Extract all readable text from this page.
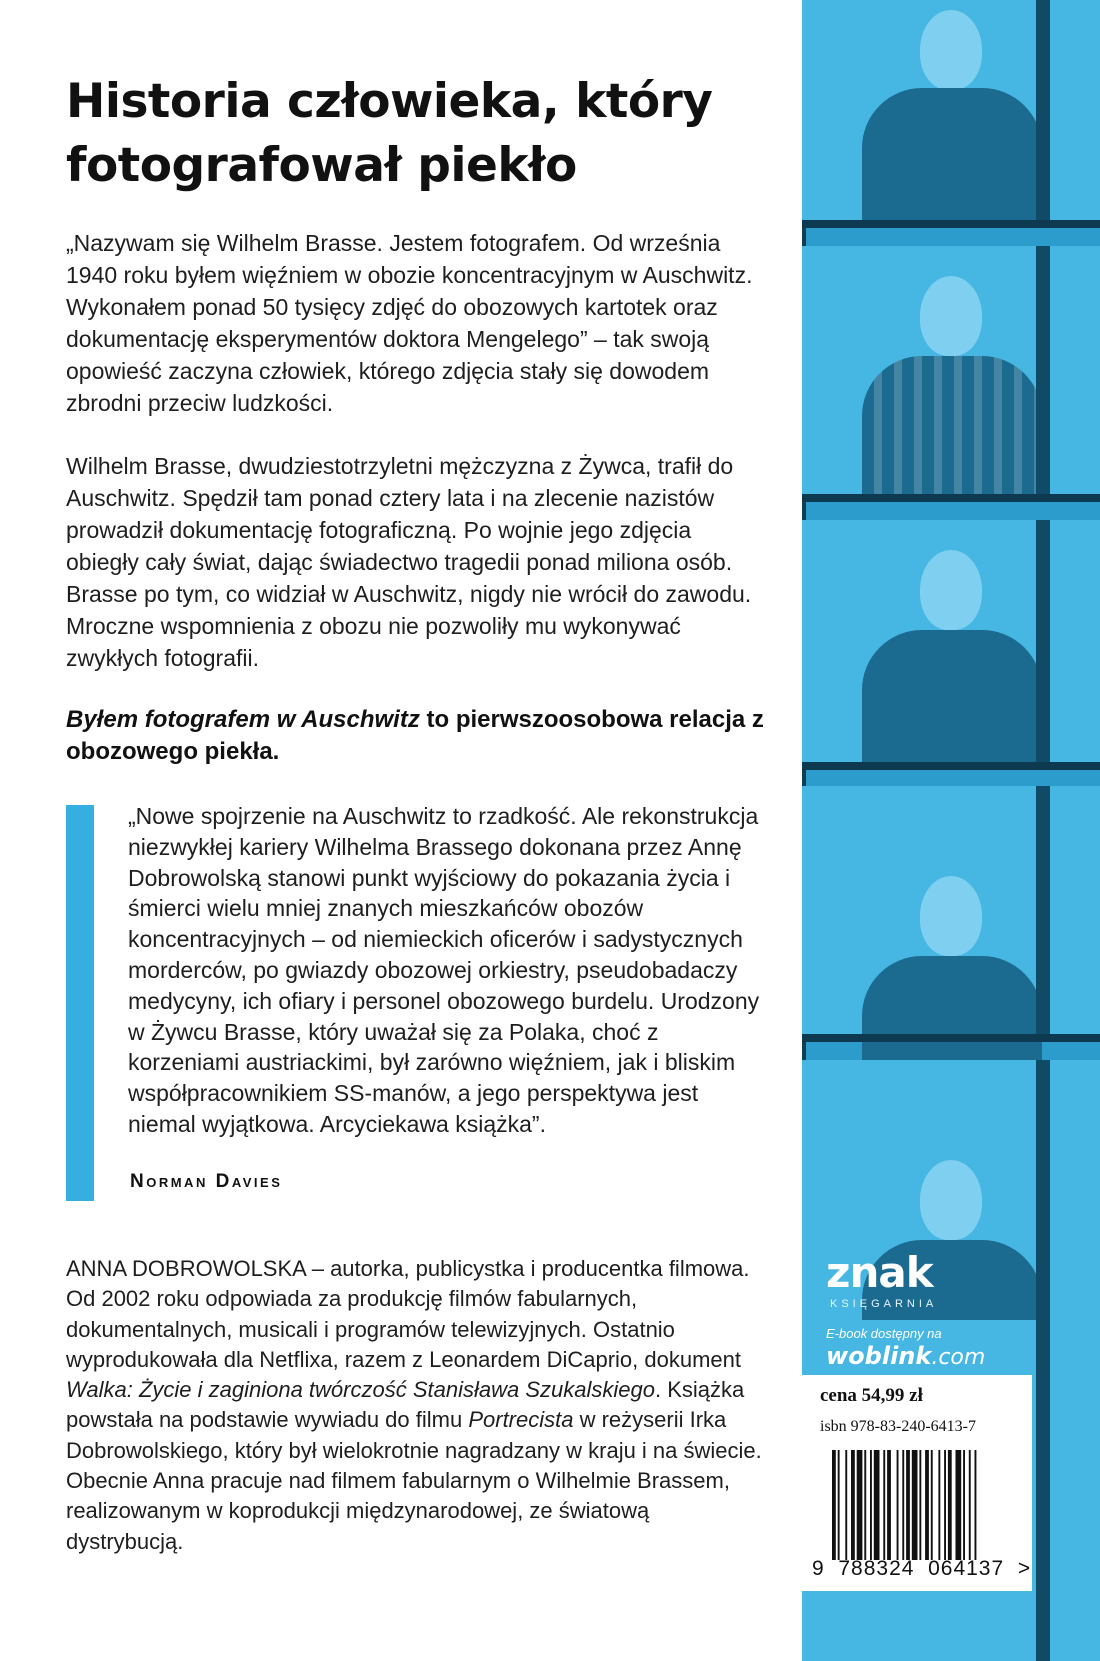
Historia człowieka, który fotografował piekło

„Nazywam się Wilhelm Brasse. Jestem fotografem. Od września 1940 roku byłem więźniem w obozie koncentracyjnym w Auschwitz. Wykonałem ponad 50 tysięcy zdjęć do obozowych kartotek oraz dokumentację eksperymentów doktora Mengelego” – tak swoją opowieść zaczyna człowiek, którego zdjęcia stały się dowodem zbrodni przeciw ludzkości.

Wilhelm Brasse, dwudziestotrzyletni mężczyzna z Żywca, trafił do Auschwitz. Spędził tam ponad cztery lata i na zlecenie nazistów prowadził dokumentację fotograficzną. Po wojnie jego zdjęcia obiegły cały świat, dając świadectwo tragedii ponad miliona osób. Brasse po tym, co widział w Auschwitz, nigdy nie wrócił do zawodu. Mroczne wspomnienia z obozu nie pozwoliły mu wykonywać zwykłych fotografii.

Byłem fotografem w Auschwitz to pierwszoosobowa relacja z obozowego piekła.

„Nowe spojrzenie na Auschwitz to rzadkość. Ale rekonstrukcja niezwykłej kariery Wilhelma Brassego dokonana przez Annę Dobrowolską stanowi punkt wyjściowy do pokazania życia i śmierci wielu mniej znanych mieszkańców obozów koncentracyjnych – od niemieckich oficerów i sadystycznych morderców, po gwiazdy obozowej orkiestry, pseudobadaczy medycyny, ich ofiary i personel obozowego burdelu. Urodzony w Żywcu Brasse, który uważał się za Polaka, choć z korzeniami austriackimi, był zarówno więźniem, jak i bliskim współpracownikiem SS-manów, a jego perspektywa jest niemal wyjątkowa. Arcyciekawa książka”.

Norman Davies

ANNA DOBROWOLSKA – autorka, publicystka i producentka filmowa. Od 2002 roku odpowiada za produkcję filmów fabularnych, dokumentalnych, musicali i programów telewizyjnych. Ostatnio wyprodukowała dla Netflixa, razem z Leonardem DiCaprio, dokument Walka: Życie i zaginiona twórczość Stanisława Szukalskiego. Książka powstała na podstawie wywiadu do filmu Portrecista w reżyserii Irka Dobrowolskiego, który był wielokrotnie nagradzany w kraju i na świecie. Obecnie Anna pracuje nad filmem fabularnym o Wilhelmie Brassem, realizowanym w koprodukcji międzynarodowej, ze światową dystrybucją.

znak

KSIĘGARNIA

E-book dostępny na

woblink.com

cena 54,99 zł

isbn 978-83-240-6413-7

9  788324  064137  >
